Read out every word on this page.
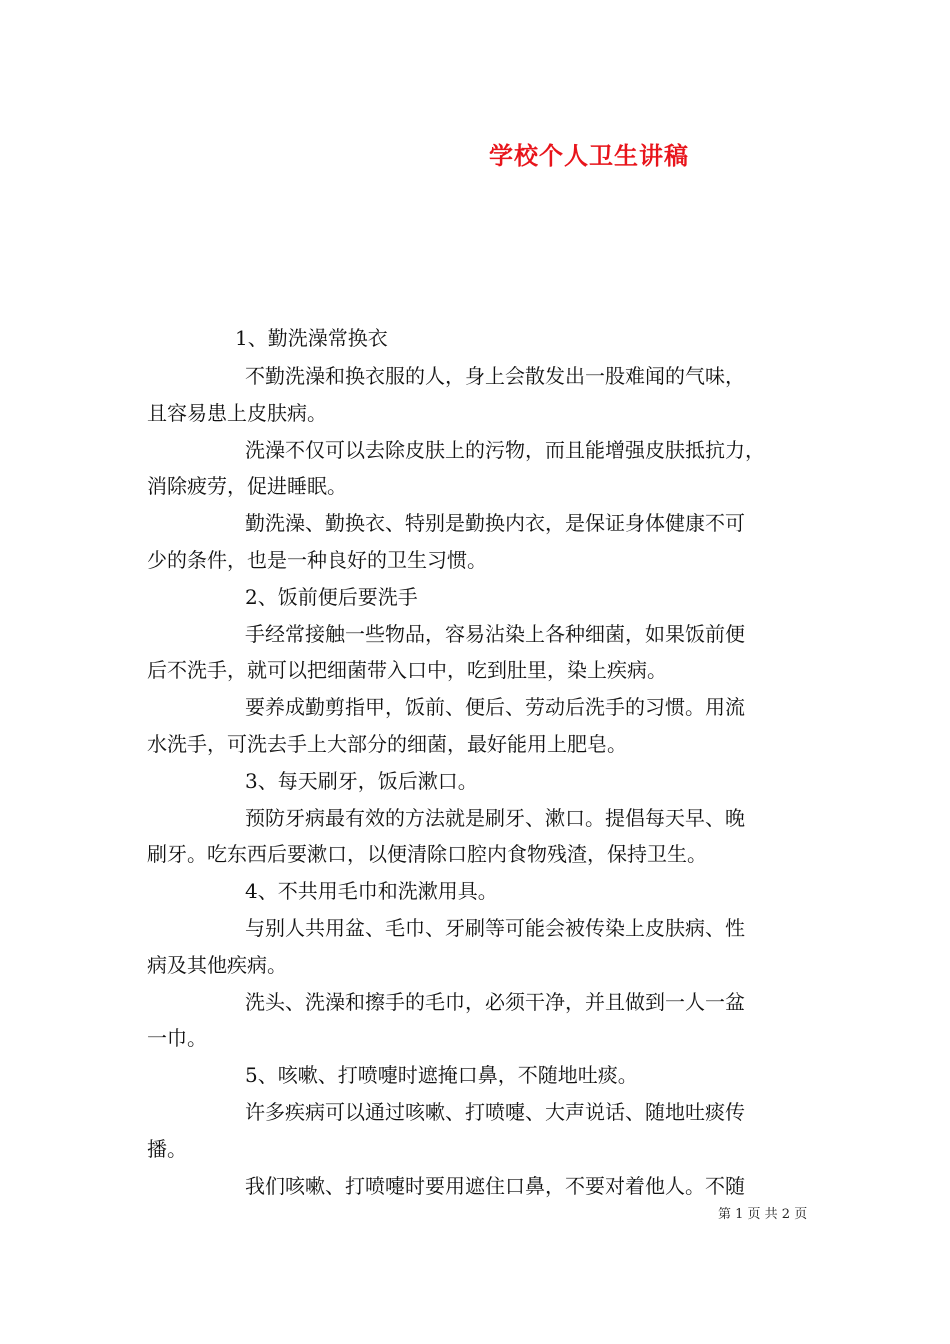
学校个人卫生讲稿
1、勤洗澡常换衣
不勤洗澡和换衣服的人，身上会散发出一股难闻的气味，
且容易患上皮肤病。
洗澡不仅可以去除皮肤上的污物，而且能增强皮肤抵抗力，
消除疲劳，促进睡眠。
勤洗澡、勤换衣、特别是勤换内衣，是保证身体健康不可
少的条件，也是一种良好的卫生习惯。
2、饭前便后要洗手
手经常接触一些物品，容易沾染上各种细菌，如果饭前便
后不洗手，就可以把细菌带入口中，吃到肚里，染上疾病。
要养成勤剪指甲，饭前、便后、劳动后洗手的习惯。用流
水洗手，可洗去手上大部分的细菌，最好能用上肥皂。
3、每天刷牙，饭后漱口。
预防牙病最有效的方法就是刷牙、漱口。提倡每天早、晚
刷牙。吃东西后要漱口，以便清除口腔内食物残渣，保持卫生。
4、不共用毛巾和洗漱用具。
与别人共用盆、毛巾、牙刷等可能会被传染上皮肤病、性
病及其他疾病。
洗头、洗澡和擦手的毛巾，必须干净，并且做到一人一盆
一巾。
5、咳嗽、打喷嚏时遮掩口鼻，不随地吐痰。
许多疾病可以通过咳嗽、打喷嚏、大声说话、随地吐痰传
播。
我们咳嗽、打喷嚏时要用遮住口鼻，不要对着他人。不随
第 1 页 共 2 页
